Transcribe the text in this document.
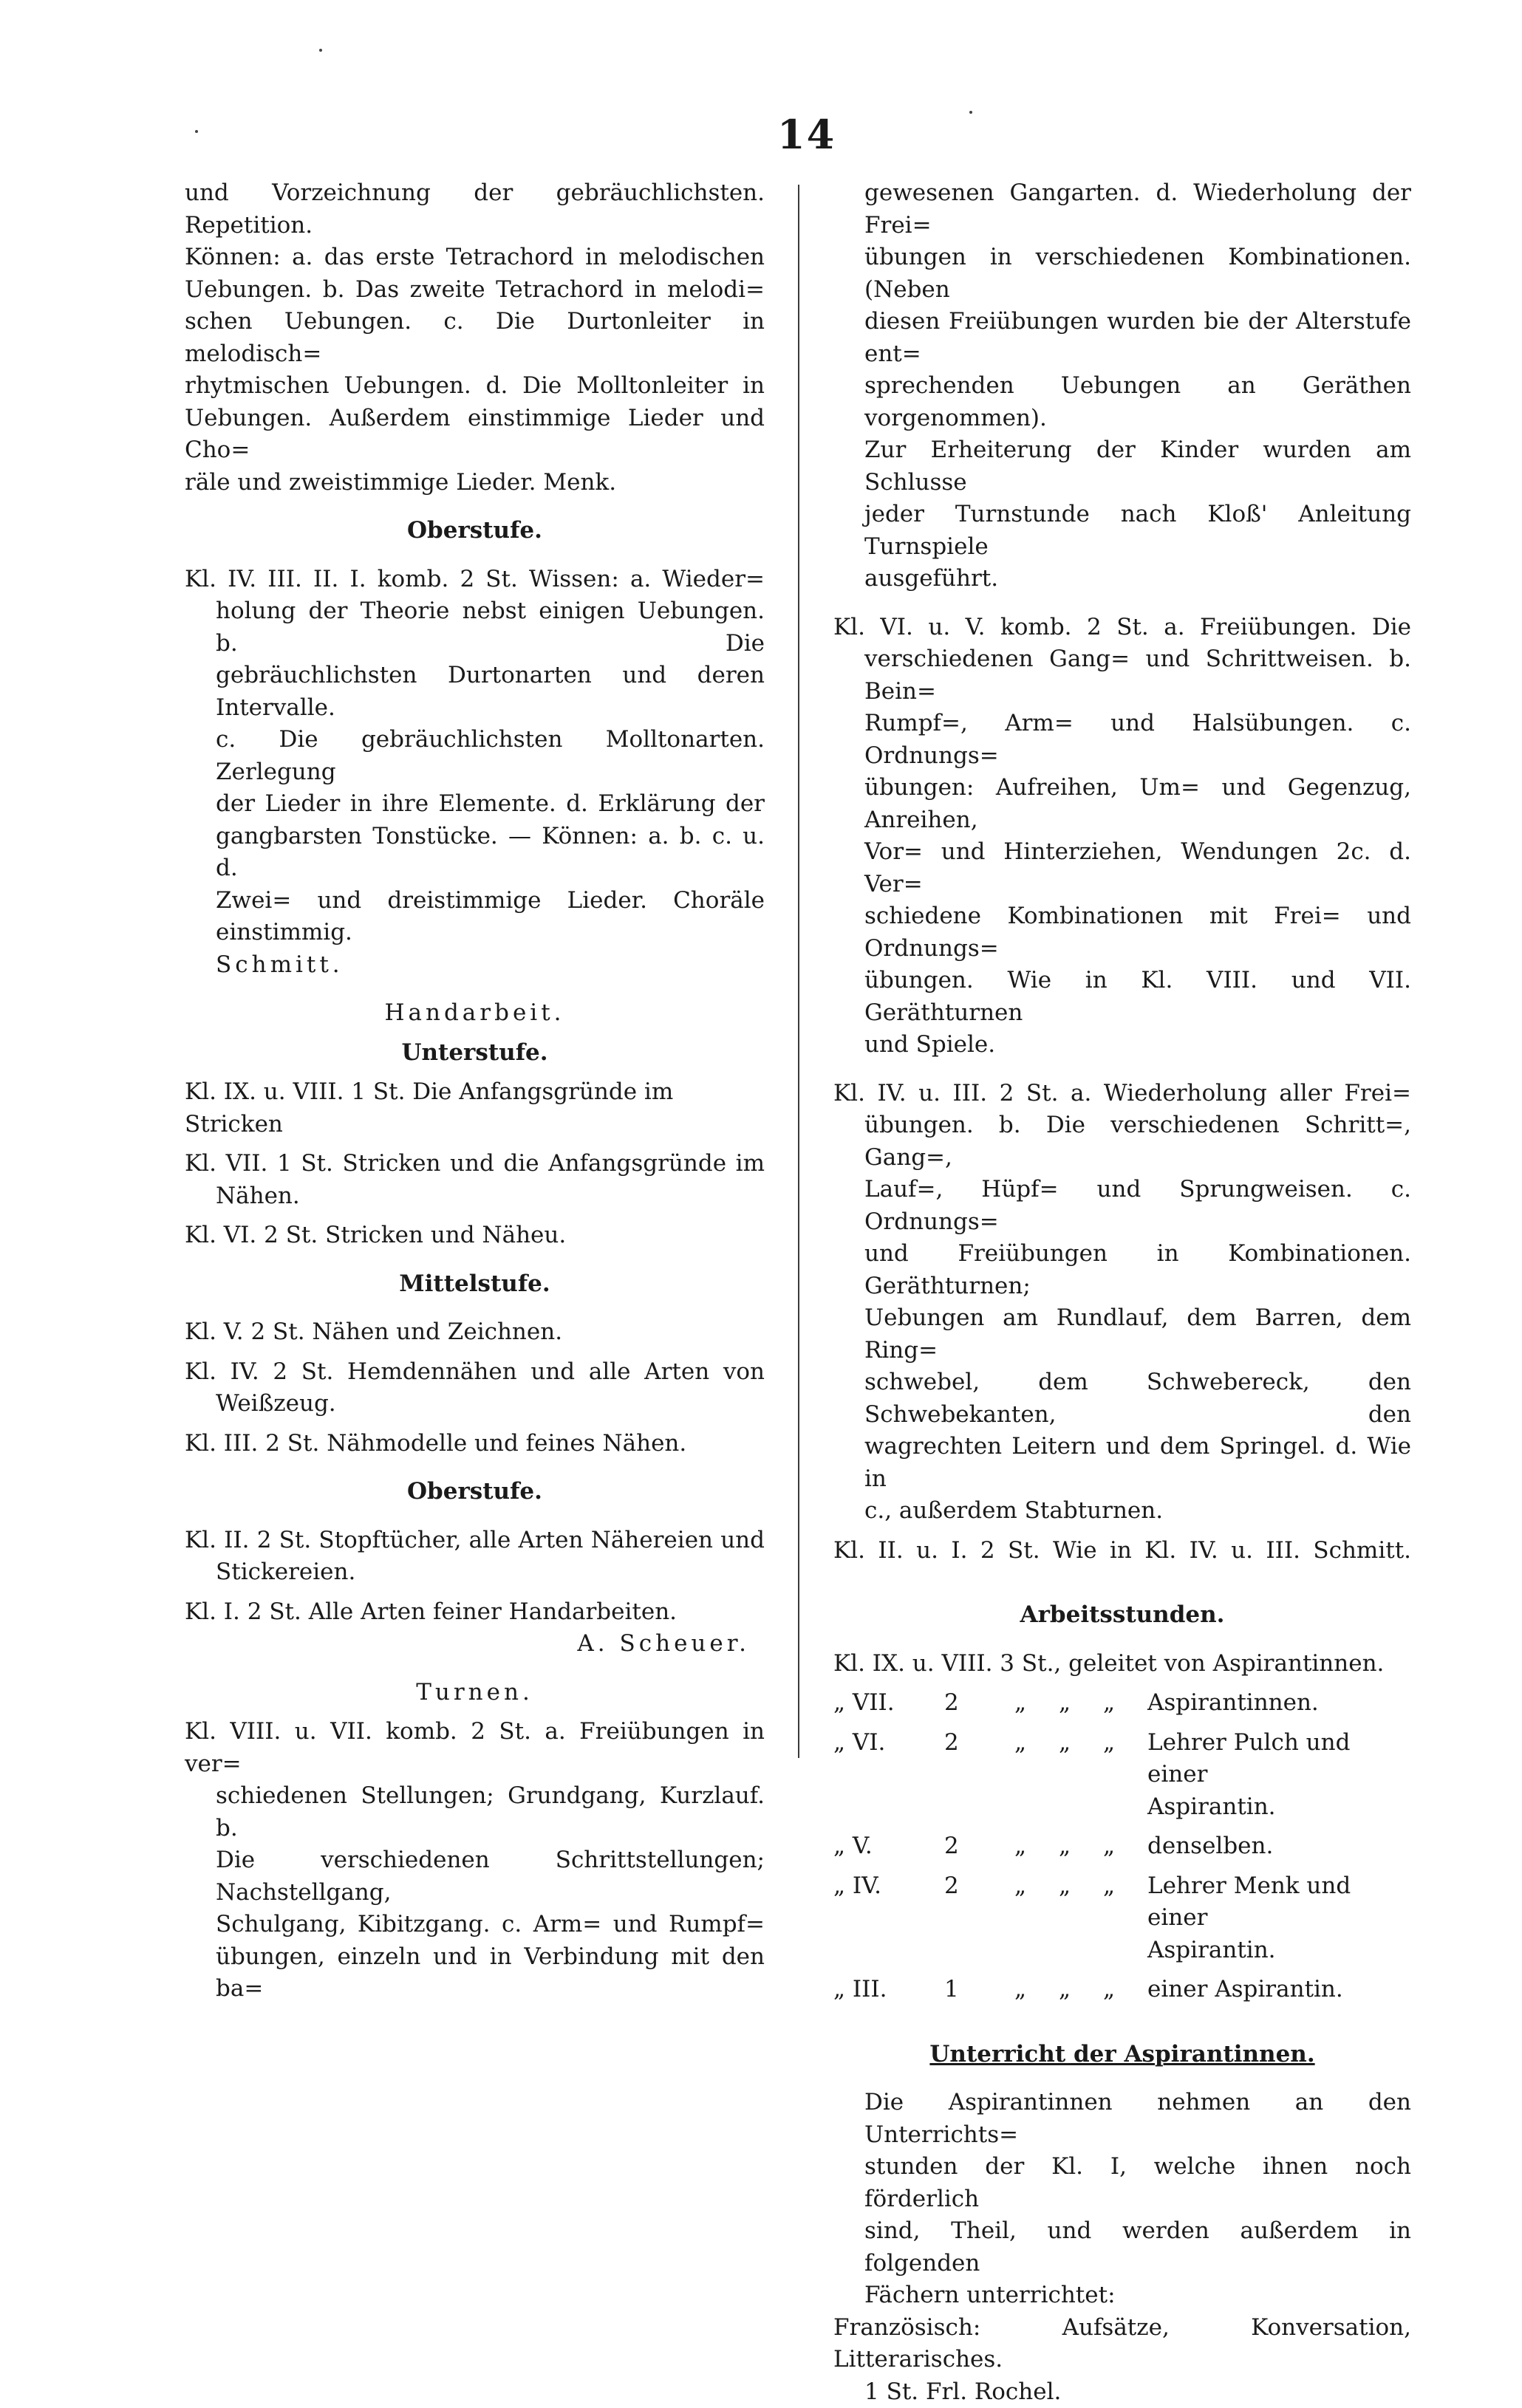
14

und Vorzeichnung der gebräuchlichsten. Repetition.

Können: a. das erste Tetrachord in melodischen

Uebungen. b. Das zweite Tetrachord in melodi=

schen Uebungen. c. Die Durtonleiter in melodisch=

rhytmischen Uebungen. d. Die Molltonleiter in

Uebungen. Außerdem einstimmige Lieder und Cho=

räle und zweistimmige Lieder. Menk.

Oberstufe.

Kl. IV. III. II. I. komb. 2 St. Wissen: a. Wieder=

holung der Theorie nebst einigen Uebungen. b. Die

gebräuchlichsten Durtonarten und deren Intervalle.

c. Die gebräuchlichsten Molltonarten. Zerlegung

der Lieder in ihre Elemente. d. Erklärung der

gangbarsten Tonstücke. — Können: a. b. c. u. d.

Zwei= und dreistimmige Lieder. Choräle einstimmig.

Schmitt.

Handarbeit.

Unterstufe.

Kl. IX. u. VIII. 1 St. Die Anfangsgründe im Stricken

Kl. VII. 1 St. Stricken und die Anfangsgründe im

Nähen.

Kl. VI. 2 St. Stricken und Näheu.

Mittelstufe.

Kl. V. 2 St. Nähen und Zeichnen.

Kl. IV. 2 St. Hemdennähen und alle Arten von

Weißzeug.

Kl. III. 2 St. Nähmodelle und feines Nähen.

Oberstufe.

Kl. II. 2 St. Stopftücher, alle Arten Nähereien und

Stickereien.

Kl. I. 2 St. Alle Arten feiner Handarbeiten.

A. Scheuer.

Turnen.

Kl. VIII. u. VII. komb. 2 St. a. Freiübungen in ver=

schiedenen Stellungen; Grundgang, Kurzlauf. b.

Die verschiedenen Schrittstellungen; Nachstellgang,

Schulgang, Kibitzgang. c. Arm= und Rumpf=

übungen, einzeln und in Verbindung mit den ba=

gewesenen Gangarten. d. Wiederholung der Frei=

übungen in verschiedenen Kombinationen. (Neben

diesen Freiübungen wurden bie der Alterstufe ent=

sprechenden Uebungen an Geräthen vorgenommen).

Zur Erheiterung der Kinder wurden am Schlusse

jeder Turnstunde nach Kloß' Anleitung Turnspiele

ausgeführt.

Kl. VI. u. V. komb. 2 St. a. Freiübungen. Die

verschiedenen Gang= und Schrittweisen. b. Bein=

Rumpf=, Arm= und Halsübungen. c. Ordnungs=

übungen: Aufreihen, Um= und Gegenzug, Anreihen,

Vor= und Hinterziehen, Wendungen 2c. d. Ver=

schiedene Kombinationen mit Frei= und Ordnungs=

übungen. Wie in Kl. VIII. und VII. Geräthturnen

und Spiele.

Kl. IV. u. III. 2 St. a. Wiederholung aller Frei=

übungen. b. Die verschiedenen Schritt=, Gang=,

Lauf=, Hüpf= und Sprungweisen. c. Ordnungs=

und Freiübungen in Kombinationen. Geräthturnen;

Uebungen am Rundlauf, dem Barren, dem Ring=

schwebel, dem Schwebereck, den Schwebekanten, den

wagrechten Leitern und dem Springel. d. Wie in

c., außerdem Stabturnen.

Kl. II. u. I. 2 St. Wie in Kl. IV. u. III. Schmitt.

Arbeitsstunden.

Kl. IX. u. VIII. 3 St., geleitet von Aspirantinnen.

„ VII.	2	„	„	„	Aspirantinnen.
„ VI.	2	„	„	„	Lehrer Pulch und einer
Aspirantin.
„ V.	2	„	„	„	denselben.
„ IV.	2	„	„	„	Lehrer Menk und einer
Aspirantin.
„ III.	1	„	„	„	einer Aspirantin.

Unterricht der Aspirantinnen.

Die Aspirantinnen nehmen an den Unterrichts=

stunden der Kl. I, welche ihnen noch förderlich

sind, Theil, und werden außerdem in folgenden

Fächern unterrichtet:

Französisch: Aufsätze, Konversation, Litterarisches.

1 St. Frl. Rochel.
